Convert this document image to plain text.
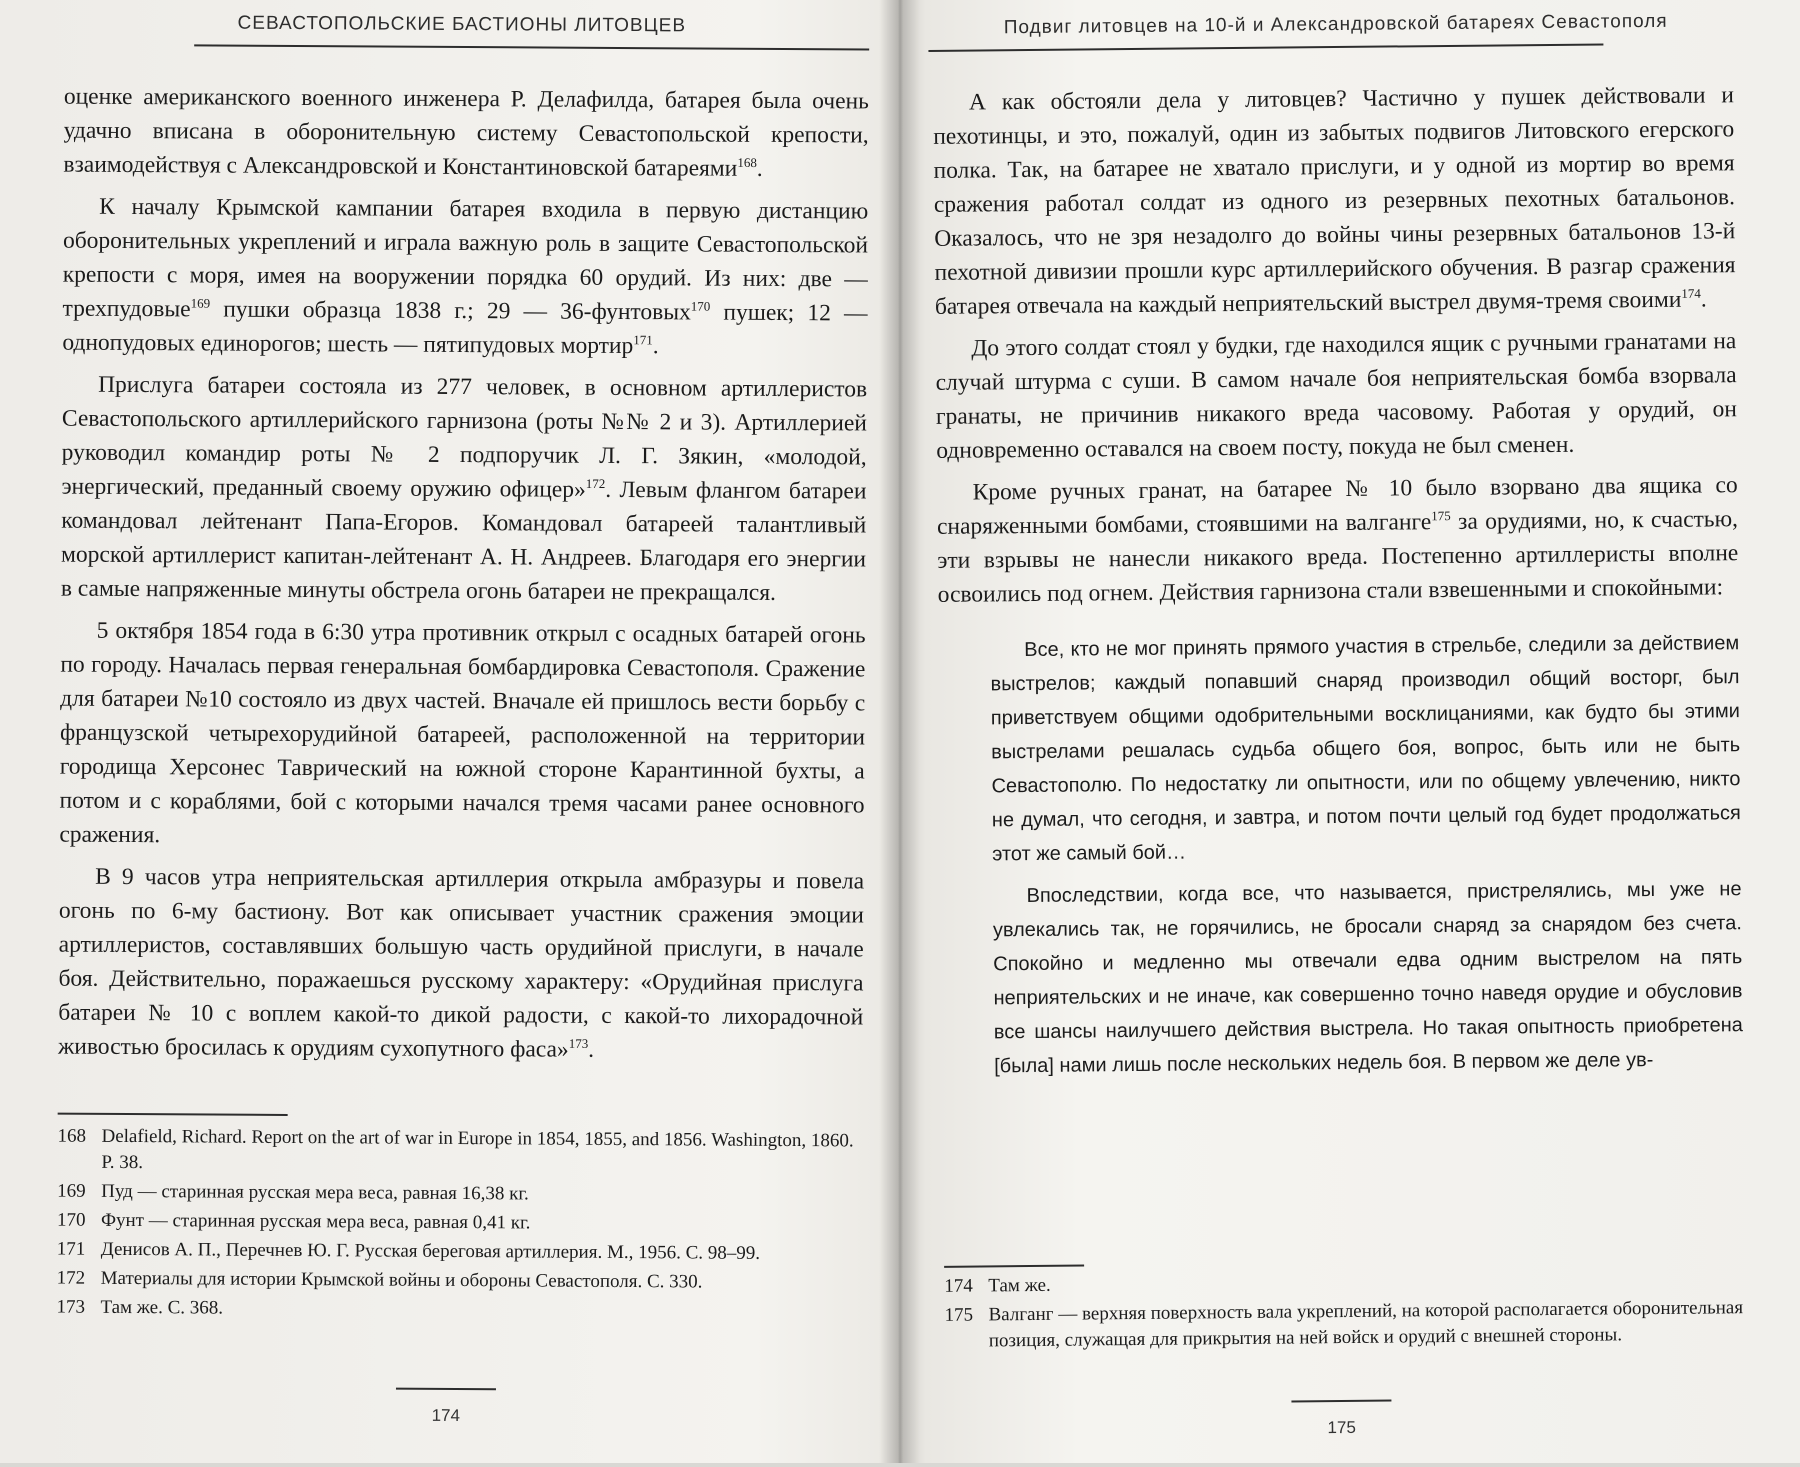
СЕВАСТОПОЛЬСКИЕ БАСТИОНЫ ЛИТОВЦЕВ

оценке американского военного инженера Р. Делафилда, батарея была очень удачно вписана в оборонительную систему Севастопольской крепости, взаимодействуя с Александровской и Константиновской батареями$^{168}$.

К началу Крымской кампании батарея входила в первую дистанцию оборонительных укреплений и играла важную роль в защите Севастопольской крепости с моря, имея на вооружении порядка 60 орудий. Из них: две — трехпудовые$^{169}$ пушки образца 1838 г.; 29 — 36-фунтовых$^{170}$ пушек; 12 — однопудовых единорогов; шесть — пятипудовых мортир$^{171}$.

Прислуга батареи состояла из 277 человек, в основном артиллеристов Севастопольского артиллерийского гарнизона (роты №№ 2 и 3). Артиллерией руководил командир роты № 2 подпоручик Л. Г. Зякин, «молодой, энергический, преданный своему оружию офицер»$^{172}$. Левым флангом батареи командовал лейтенант Папа-Егоров. Командовал батареей талантливый морской артиллерист капитан-лейтенант А. Н. Андреев. Благодаря его энергии в самые напряженные минуты обстрела огонь батареи не прекращался.

5 октября 1854 года в 6:30 утра противник открыл с осадных батарей огонь по городу. Началась первая генеральная бомбардировка Севастополя. Сражение для батареи №10 состояло из двух частей. Вначале ей пришлось вести борьбу с французской четырехорудийной батареей, расположенной на территории городища Херсонес Таврический на южной стороне Карантинной бухты, а потом и с кораблями, бой с которыми начался тремя часами ранее основного сражения.

В 9 часов утра неприятельская артиллерия открыла амбразуры и повела огонь по 6-му бастиону. Вот как описывает участник сражения эмоции артиллеристов, составлявших большую часть орудийной прислуги, в начале боя. Действительно, поражаешься русскому характеру: «Орудийная прислуга батареи № 10 с воплем какой-то дикой радости, с какой-то лихорадочной живостью бросилась к орудиям сухопутного фаса»$^{173}$.

168 Delafield, Richard. Report on the art of war in Europe in 1854, 1855, and 1856. Washington, 1860. P. 38.
169 Пуд — старинная русская мера веса, равная 16,38 кг.
170 Фунт — старинная русская мера веса, равная 0,41 кг.
171 Денисов А. П., Перечнев Ю. Г. Русская береговая артиллерия. М., 1956. С. 98–99.
172 Материалы для истории Крымской войны и обороны Севастополя. С. 330.
173 Там же. С. 368.
174
Подвиг литовцев на 10-й и Александровской батареях Севастополя

А как обстояли дела у литовцев? Частично у пушек действовали и пехотинцы, и это, пожалуй, один из забытых подвигов Литовского егерского полка. Так, на батарее не хватало прислуги, и у одной из мортир во время сражения работал солдат из одного из резервных пехотных батальонов. Оказалось, что не зря незадолго до войны чины резервных батальонов 13-й пехотной дивизии прошли курс артиллерийского обучения. В разгар сражения батарея отвечала на каждый неприятельский выстрел двумя-тремя своими$^{174}$.

До этого солдат стоял у будки, где находился ящик с ручными гранатами на случай штурма с суши. В самом начале боя неприятельская бомба взорвала гранаты, не причинив никакого вреда часовому. Работая у орудий, он одновременно оставался на своем посту, покуда не был сменен.

Кроме ручных гранат, на батарее № 10 было взорвано два ящика со снаряженными бомбами, стоявшими на валганге$^{175}$ за орудиями, но, к счастью, эти взрывы не нанесли никакого вреда. Постепенно артиллеристы вполне освоились под огнем. Действия гарнизона стали взвешенными и спокойными:

Все, кто не мог принять прямого участия в стрельбе, следили за действием выстрелов; каждый попавший снаряд производил общий восторг, был приветствуем общими одобрительными восклицаниями, как будто бы этими выстрелами решалась судьба общего боя, вопрос, быть или не быть Севастополю. По недостатку ли опытности, или по общему увлечению, никто не думал, что сегодня, и завтра, и потом почти целый год будет продолжаться этот же самый бой…

Впоследствии, когда все, что называется, пристрелялись, мы уже не увлекались так, не горячились, не бросали снаряд за снарядом без счета. Спокойно и медленно мы отвечали едва одним выстрелом на пять неприятельских и не иначе, как совершенно точно наведя орудие и обусловив все шансы наилучшего действия выстрела. Но такая опытность приобретена [была] нами лишь после нескольких недель боя. В первом же деле ув-

174 Там же.
175 Валганг — верхняя поверхность вала укреплений, на которой располагается оборонительная позиция, служащая для прикрытия на ней войск и орудий с внешней стороны.
175
